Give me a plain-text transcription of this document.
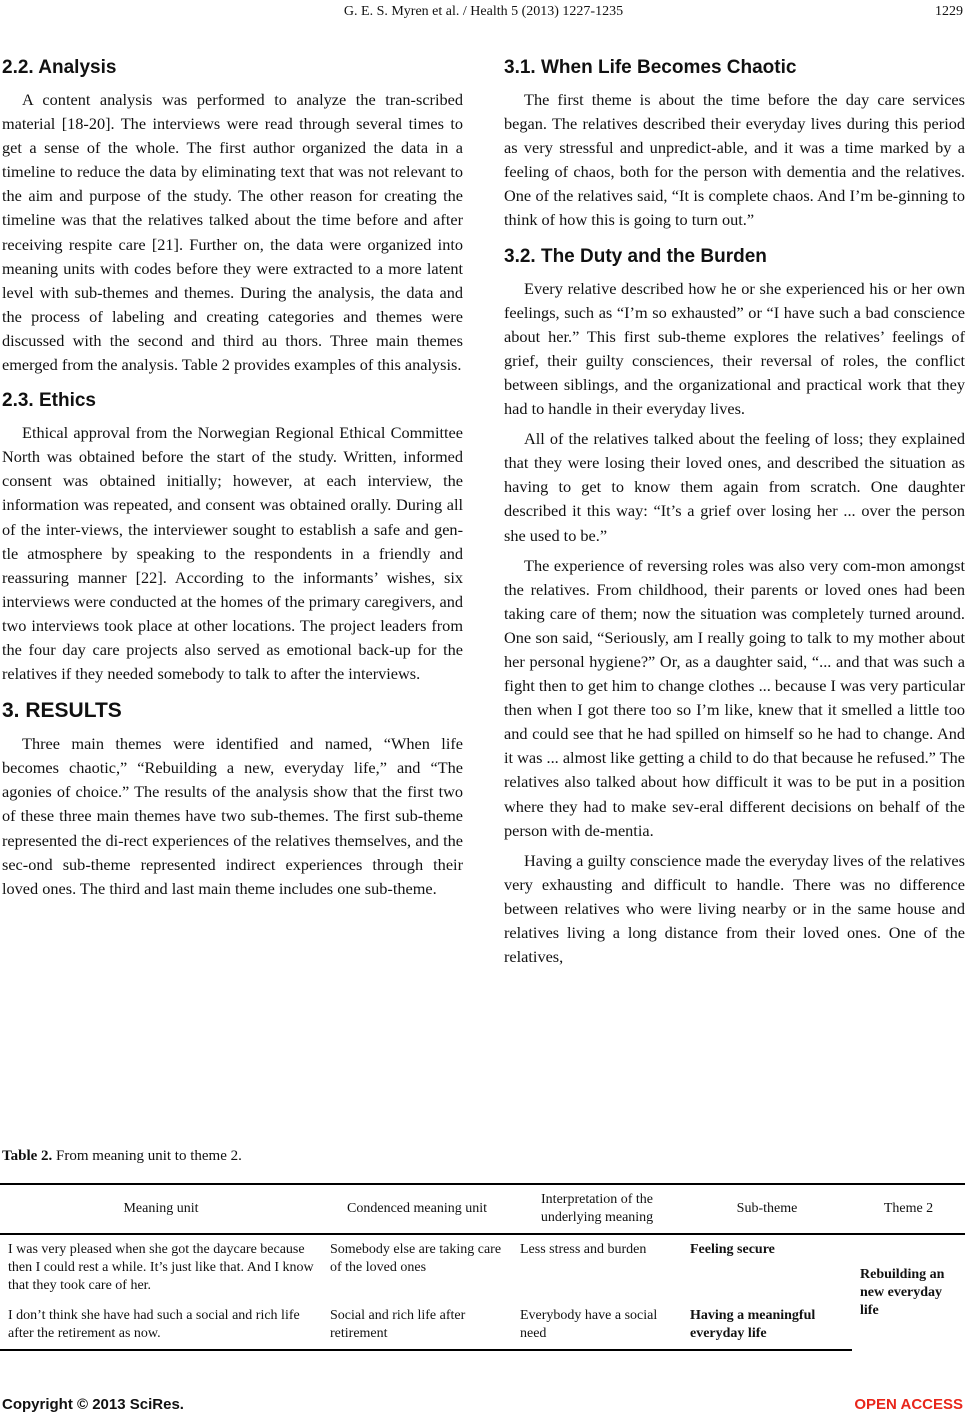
G. E. S. Myren et al. / Health 5 (2013) 1227-1235	1229
2.2. Analysis

A content analysis was performed to analyze the tran-scribed material [18-20]. The interviews were read through several times to get a sense of the whole. The first author organized the data in a timeline to reduce the data by eliminating text that was not relevant to the aim and purpose of the study. The other reason for creating the timeline was that the relatives talked about the time before and after receiving respite care [21]. Further on, the data were organized into meaning units with codes before they were extracted to a more latent level with sub-themes and themes. During the analysis, the data and the process of labeling and creating categories and themes were discussed with the second and third au thors. Three main themes emerged from the analysis. Table 2 provides examples of this analysis.

2.3. Ethics

Ethical approval from the Norwegian Regional Ethical Committee North was obtained before the start of the study. Written, informed consent was obtained initially; however, at each interview, the information was repeated, and consent was obtained orally. During all of the inter-views, the interviewer sought to establish a safe and gen-tle atmosphere by speaking to the respondents in a friendly and reassuring manner [22]. According to the informants’ wishes, six interviews were conducted at the homes of the primary caregivers, and two interviews took place at other locations. The project leaders from the four day care projects also served as emotional back-up for the relatives if they needed somebody to talk to after the interviews.

3. RESULTS

Three main themes were identified and named, “When life becomes chaotic,” “Rebuilding a new, everyday life,” and “The agonies of choice.” The results of the analysis show that the first two of these three main themes have two sub-themes. The first sub-theme represented the di-rect experiences of the relatives themselves, and the sec-ond sub-theme represented indirect experiences through their loved ones. The third and last main theme includes one sub-theme.

3.1. When Life Becomes Chaotic

The first theme is about the time before the day care services began. The relatives described their everyday lives during this period as very stressful and unpredict-able, and it was a time marked by a feeling of chaos, both for the person with dementia and the relatives. One of the relatives said, “It is complete chaos. And I’m be-ginning to think of how this is going to turn out.”

3.2. The Duty and the Burden

Every relative described how he or she experienced his or her own feelings, such as “I’m so exhausted” or “I have such a bad conscience about her.” This first sub-theme explores the relatives’ feelings of grief, their guilty consciences, their reversal of roles, the conflict between siblings, and the organizational and practical work that they had to handle in their everyday lives.

All of the relatives talked about the feeling of loss; they explained that they were losing their loved ones, and described the situation as having to get to know them again from scratch. One daughter described it this way: “It’s a grief over losing her ... over the person she used to be.”

The experience of reversing roles was also very com-mon amongst the relatives. From childhood, their parents or loved ones had been taking care of them; now the situation was completely turned around. One son said, “Seriously, am I really going to talk to my mother about her personal hygiene?” Or, as a daughter said, “... and that was such a fight then to get him to change clothes ... because I was very particular then when I got there too so I’m like, knew that it smelled a little too and could see that he had spilled on himself so he had to change. And it was ... almost like getting a child to do that because he refused.” The relatives also talked about how difficult it was to be put in a position where they had to make sev-eral different decisions on behalf of the person with de-mentia.

Having a guilty conscience made the everyday lives of the relatives very exhausting and difficult to handle. There was no difference between relatives who were living nearby or in the same house and relatives living a long distance from their loved ones. One of the relatives,

Table 2. From meaning unit to theme 2.
Meaning unit	Condenced meaning unit	Interpretation of the underlying meaning	Sub-theme	Theme 2
I was very pleased when she got the daycare because then I could rest a while. It’s just like that. And I know that they took care of her.	Somebody else are taking care of the loved ones	Less stress and burden	Feeling secure	Rebuilding an new everyday life
I don’t think she have had such a social and rich life after the retirement as now.	Social and rich life after retirement	Everybody have a social need	Having a meaningful everyday life	
Copyright © 2013 SciRes.	OPEN ACCESS
